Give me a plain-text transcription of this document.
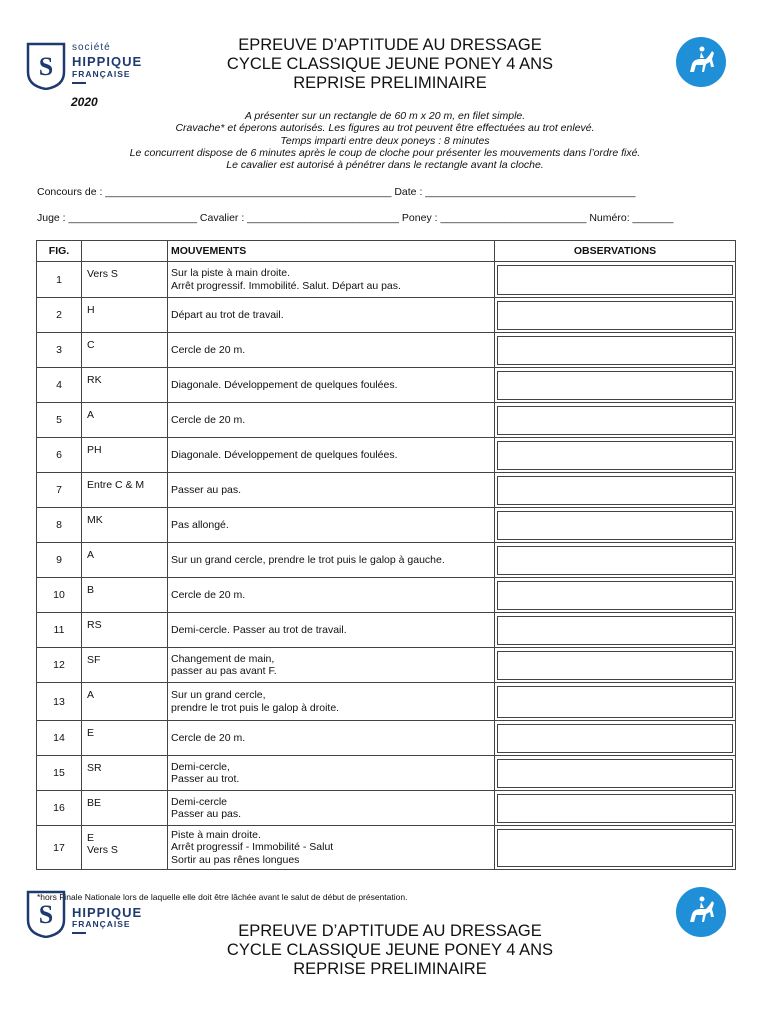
S
société
HIPPIQUE
FRANÇAISE
EPREUVE D’APTITUDE AU DRESSAGE
CYCLE CLASSIQUE JEUNE PONEY 4 ANS
REPRISE PRELIMINAIRE
2020
A présenter sur un rectangle de 60 m x 20 m, en filet simple.
Cravache* et éperons autorisés. Les figures au trot peuvent être effectuées au trot enlevé.
Temps imparti entre deux poneys : 8 minutes
Le concurrent dispose de 6 minutes après le coup de cloche pour présenter les mouvements dans l’ordre fixé.
Le cavalier est autorisé à pénétrer dans le rectangle avant la cloche.
Concours de : _________________________________________________ Date : ____________________________________
Juge : ______________________ Cavalier : __________________________ Poney : _________________________ Numéro: _______
FIG.		MOUVEMENTS	OBSERVATIONS
1	Vers S	Sur la piste à main droite.
Arrêt progressif. Immobilité. Salut. Départ au pas.	

2	H	Départ au trot de travail.	

3	C	Cercle de 20 m.	

4	RK	Diagonale. Développement de quelques foulées.	

5	A	Cercle de 20 m.	

6	PH	Diagonale. Développement de quelques foulées.	

7	Entre C & M	Passer au pas.	

8	MK	Pas allongé.	

9	A	Sur un grand cercle, prendre le trot puis le galop à gauche.	

10	B	Cercle de 20 m.	

11	RS	Demi-cercle. Passer au trot de travail.	

12	SF	Changement de main,
passer au pas avant F.	

13	A	Sur un grand cercle,
prendre le trot puis le galop à droite.	

14	E	Cercle de 20 m.	

15	SR	Demi-cercle,
Passer au trot.	

16	BE	Demi-cercle
Passer au pas.	

17	E
Vers S	Piste à main droite.
Arrêt progressif - Immobilité - Salut
Sortir au pas rênes longues	
*hors Finale Nationale lors de laquelle elle doit être lâchée avant le salut de début de présentation.
S HIPPIQUE
FRANÇAISE	EPREUVE D’APTITUDE AU DRESSAGE
CYCLE CLASSIQUE JEUNE PONEY 4 ANS
REPRISE PRELIMINAIRE
